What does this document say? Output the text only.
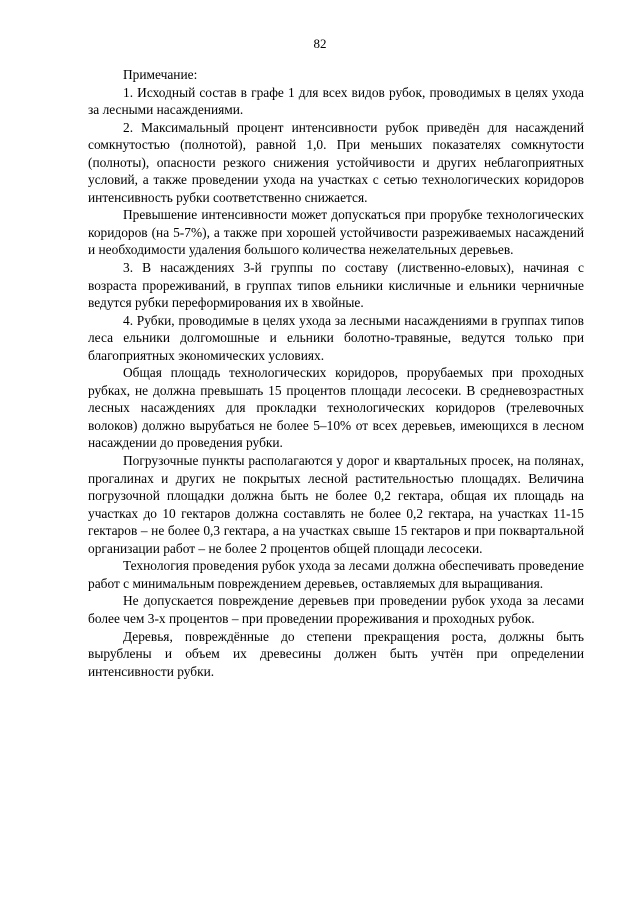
82

Примечание:

1. Исходный состав в графе 1 для всех видов рубок, проводимых в целях ухода за лесными насаждениями.

2. Максимальный процент интенсивности рубок приведён для насаждений сомкнутостью (полнотой), равной 1,0. При меньших показателях сомкнутости (полноты), опасности резкого снижения устойчивости и других неблагоприятных условий, а также проведении ухода на участках с сетью технологических коридоров интенсивность рубки соответственно снижается.

Превышение интенсивности может допускаться при прорубке технологических коридоров (на 5-7%), а также при хорошей устойчивости разреживаемых насаждений и необходимости удаления большого количества нежелательных деревьев.

3. В насаждениях 3-й группы по составу (лиственно-еловых), начиная с возраста прореживаний, в группах типов ельники кисличные и ельники черничные ведутся рубки переформирования их в хвойные.

4. Рубки, проводимые в целях ухода за лесными насаждениями в группах типов леса ельники долгомошные и ельники болотно-травяные, ведутся только при благоприятных экономических условиях.

Общая площадь технологических коридоров, прорубаемых при проходных рубках, не должна превышать 15 процентов площади лесосеки. В средневозрастных лесных насаждениях для прокладки технологических коридоров (трелевочных волоков) должно вырубаться не более 5–10% от всех деревьев, имеющихся в лесном насаждении до проведения рубки.

Погрузочные пункты располагаются у дорог и квартальных просек, на полянах, прогалинах и других не покрытых лесной растительностью площадях. Величина погрузочной площадки должна быть не более 0,2 гектара, общая их площадь на участках до 10 гектаров должна составлять не более 0,2 гектара, на участках 11-15 гектаров – не более 0,3 гектара, а на участках свыше 15 гектаров и при поквартальной организации работ – не более 2 процентов общей площади лесосеки.

Технология проведения рубок ухода за лесами должна обеспечивать проведение работ с минимальным повреждением деревьев, оставляемых для выращивания.

Не допускается повреждение деревьев при проведении рубок ухода за лесами более чем 3-х процентов – при проведении прореживания и проходных рубок.

Деревья, повреждённые до степени прекращения роста, должны быть вырублены и объем их древесины должен быть учтён при определении интенсивности рубки.
